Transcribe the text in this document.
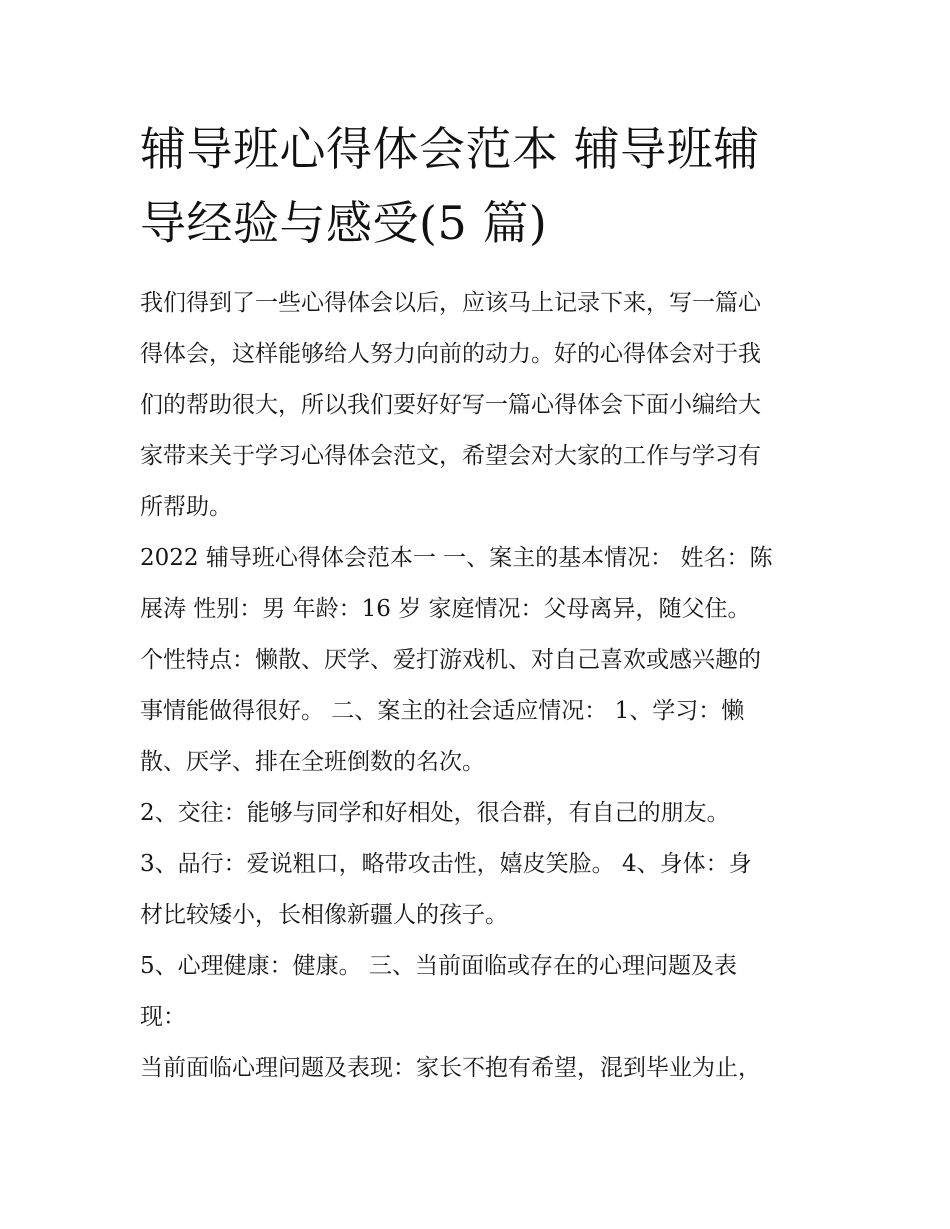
辅导班心得体会范本 辅导班辅
导经验与感受(5 篇)
我们得到了一些心得体会以后，应该马上记录下来，写一篇心
得体会，这样能够给人努力向前的动力。好的心得体会对于我
们的帮助很大，所以我们要好好写一篇心得体会下面小编给大
家带来关于学习心得体会范文，希望会对大家的工作与学习有
所帮助。
2022 辅导班心得体会范本一 一、案主的基本情况： 姓名：陈
展涛 性别：男 年龄：16 岁 家庭情况：父母离异，随父住。
个性特点：懒散、厌学、爱打游戏机、对自己喜欢或感兴趣的
事情能做得很好。 二、案主的社会适应情况： 1、学习：懒
散、厌学、排在全班倒数的名次。
2、交往：能够与同学和好相处，很合群，有自己的朋友。
3、品行：爱说粗口，略带攻击性，嬉皮笑脸。 4、身体：身
材比较矮小，长相像新疆人的孩子。
5、心理健康：健康。 三、当前面临或存在的心理问题及表
现：
当前面临心理问题及表现：家长不抱有希望，混到毕业为止，
